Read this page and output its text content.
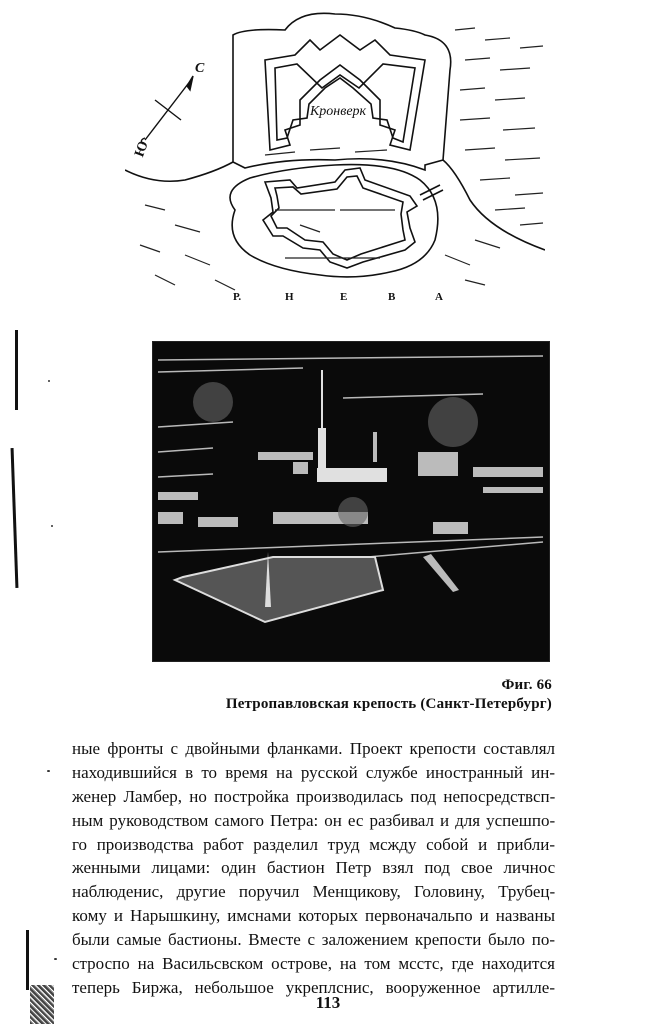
С
Ю
Кронверк
Р.	Н	Е	В	А
Фиг. 66
Петропавловская крепость (Санкт-Петербург)
ные фронты с двойными фланками. Проект крепости составлял
находившийся в то время на русской службе иностранный ин-
женер Ламбер, но постройка производилась под непосредствсп-
ным руководством самого Петра: он ес разбивал и для успешпо-
го производства работ разделил труд мсжду собой и прибли-
женными лицами: один бастион Петр взял под свое личнос
наблюденис, другие поручил Менщикову, Головину, Трубец-
кому и Нарышкину, имснами которых первоначальпо и названы
были самые бастионы. Вместе с заложением крепости было по-
строспо на Васильсвском острове, на том мсстс, где находится
теперь Биржа, небольшое укреплснис, вооруженное артилле-
113
